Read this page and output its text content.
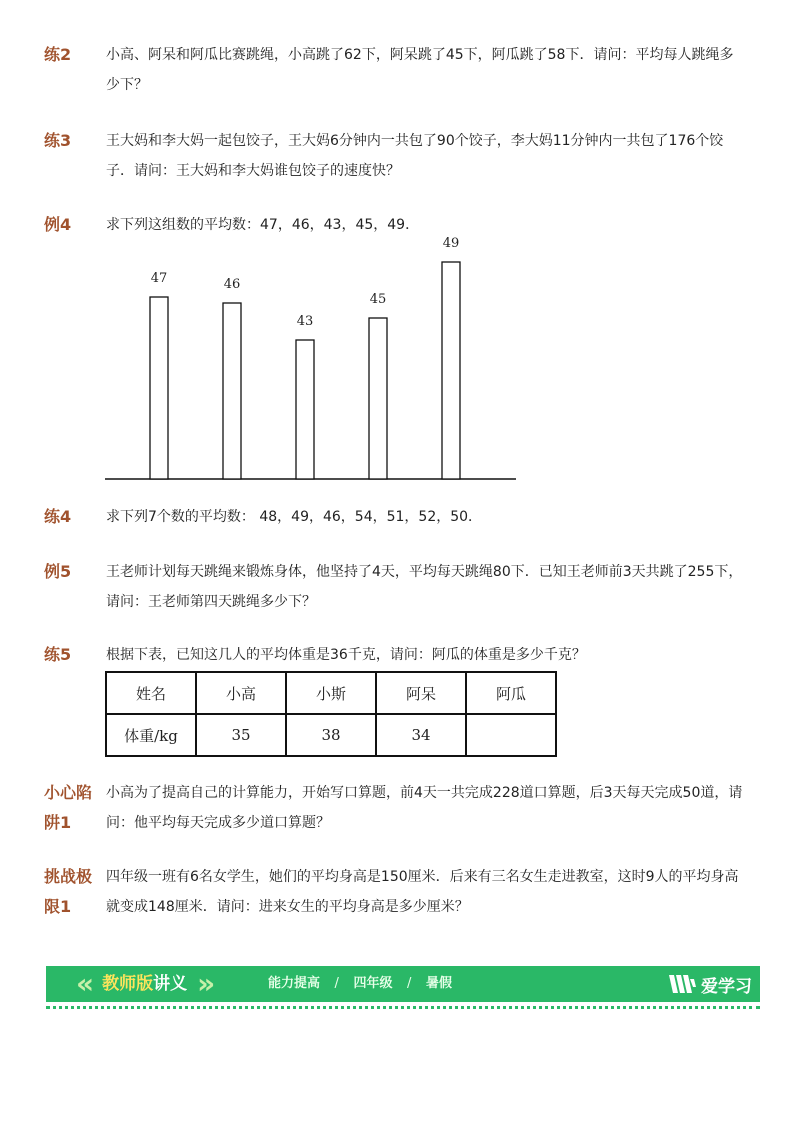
练2	小高、阿呆和阿瓜比赛跳绳，小高跳了62下，阿呆跳了45下，阿瓜跳了58下．请问：平均每人跳绳多少下？
练3	王大妈和李大妈一起包饺子，王大妈6分钟内一共包了90个饺子，李大妈11分钟内一共包了176个饺子．请问：王大妈和李大妈谁包饺子的速度快？
例4	求下列这组数的平均数：47，46，43，45，49．
47	46
43
45
49
练4	求下列7个数的平均数： 48，49，46，54，51，52，50．
例5	王老师计划每天跳绳来锻炼身体，他坚持了4天，平均每天跳绳80下．已知王老师前3天共跳了255下，请问：王老师第四天跳绳多少下？
练5	根据下表，已知这几人的平均体重是36千克，请问：阿瓜的体重是多少千克？
姓名	小高	小斯	阿呆	阿瓜
体重/kg	35	38	34	
小心陷
阱1
小高为了提高自己的计算能力，开始写口算题，前4天一共完成228道口算题，后3天每天完成50道，请问：他平均每天完成多少道口算题？
挑战极
限1
四年级一班有6名女学生，她们的平均身高是150厘米．后来有三名女生走进教室，这时9人的平均身高就变成148厘米．请问：进来女生的平均身高是多少厘米？
« 教师版讲义 »	能力提高 / 四年级 / 暑假	爱学习
